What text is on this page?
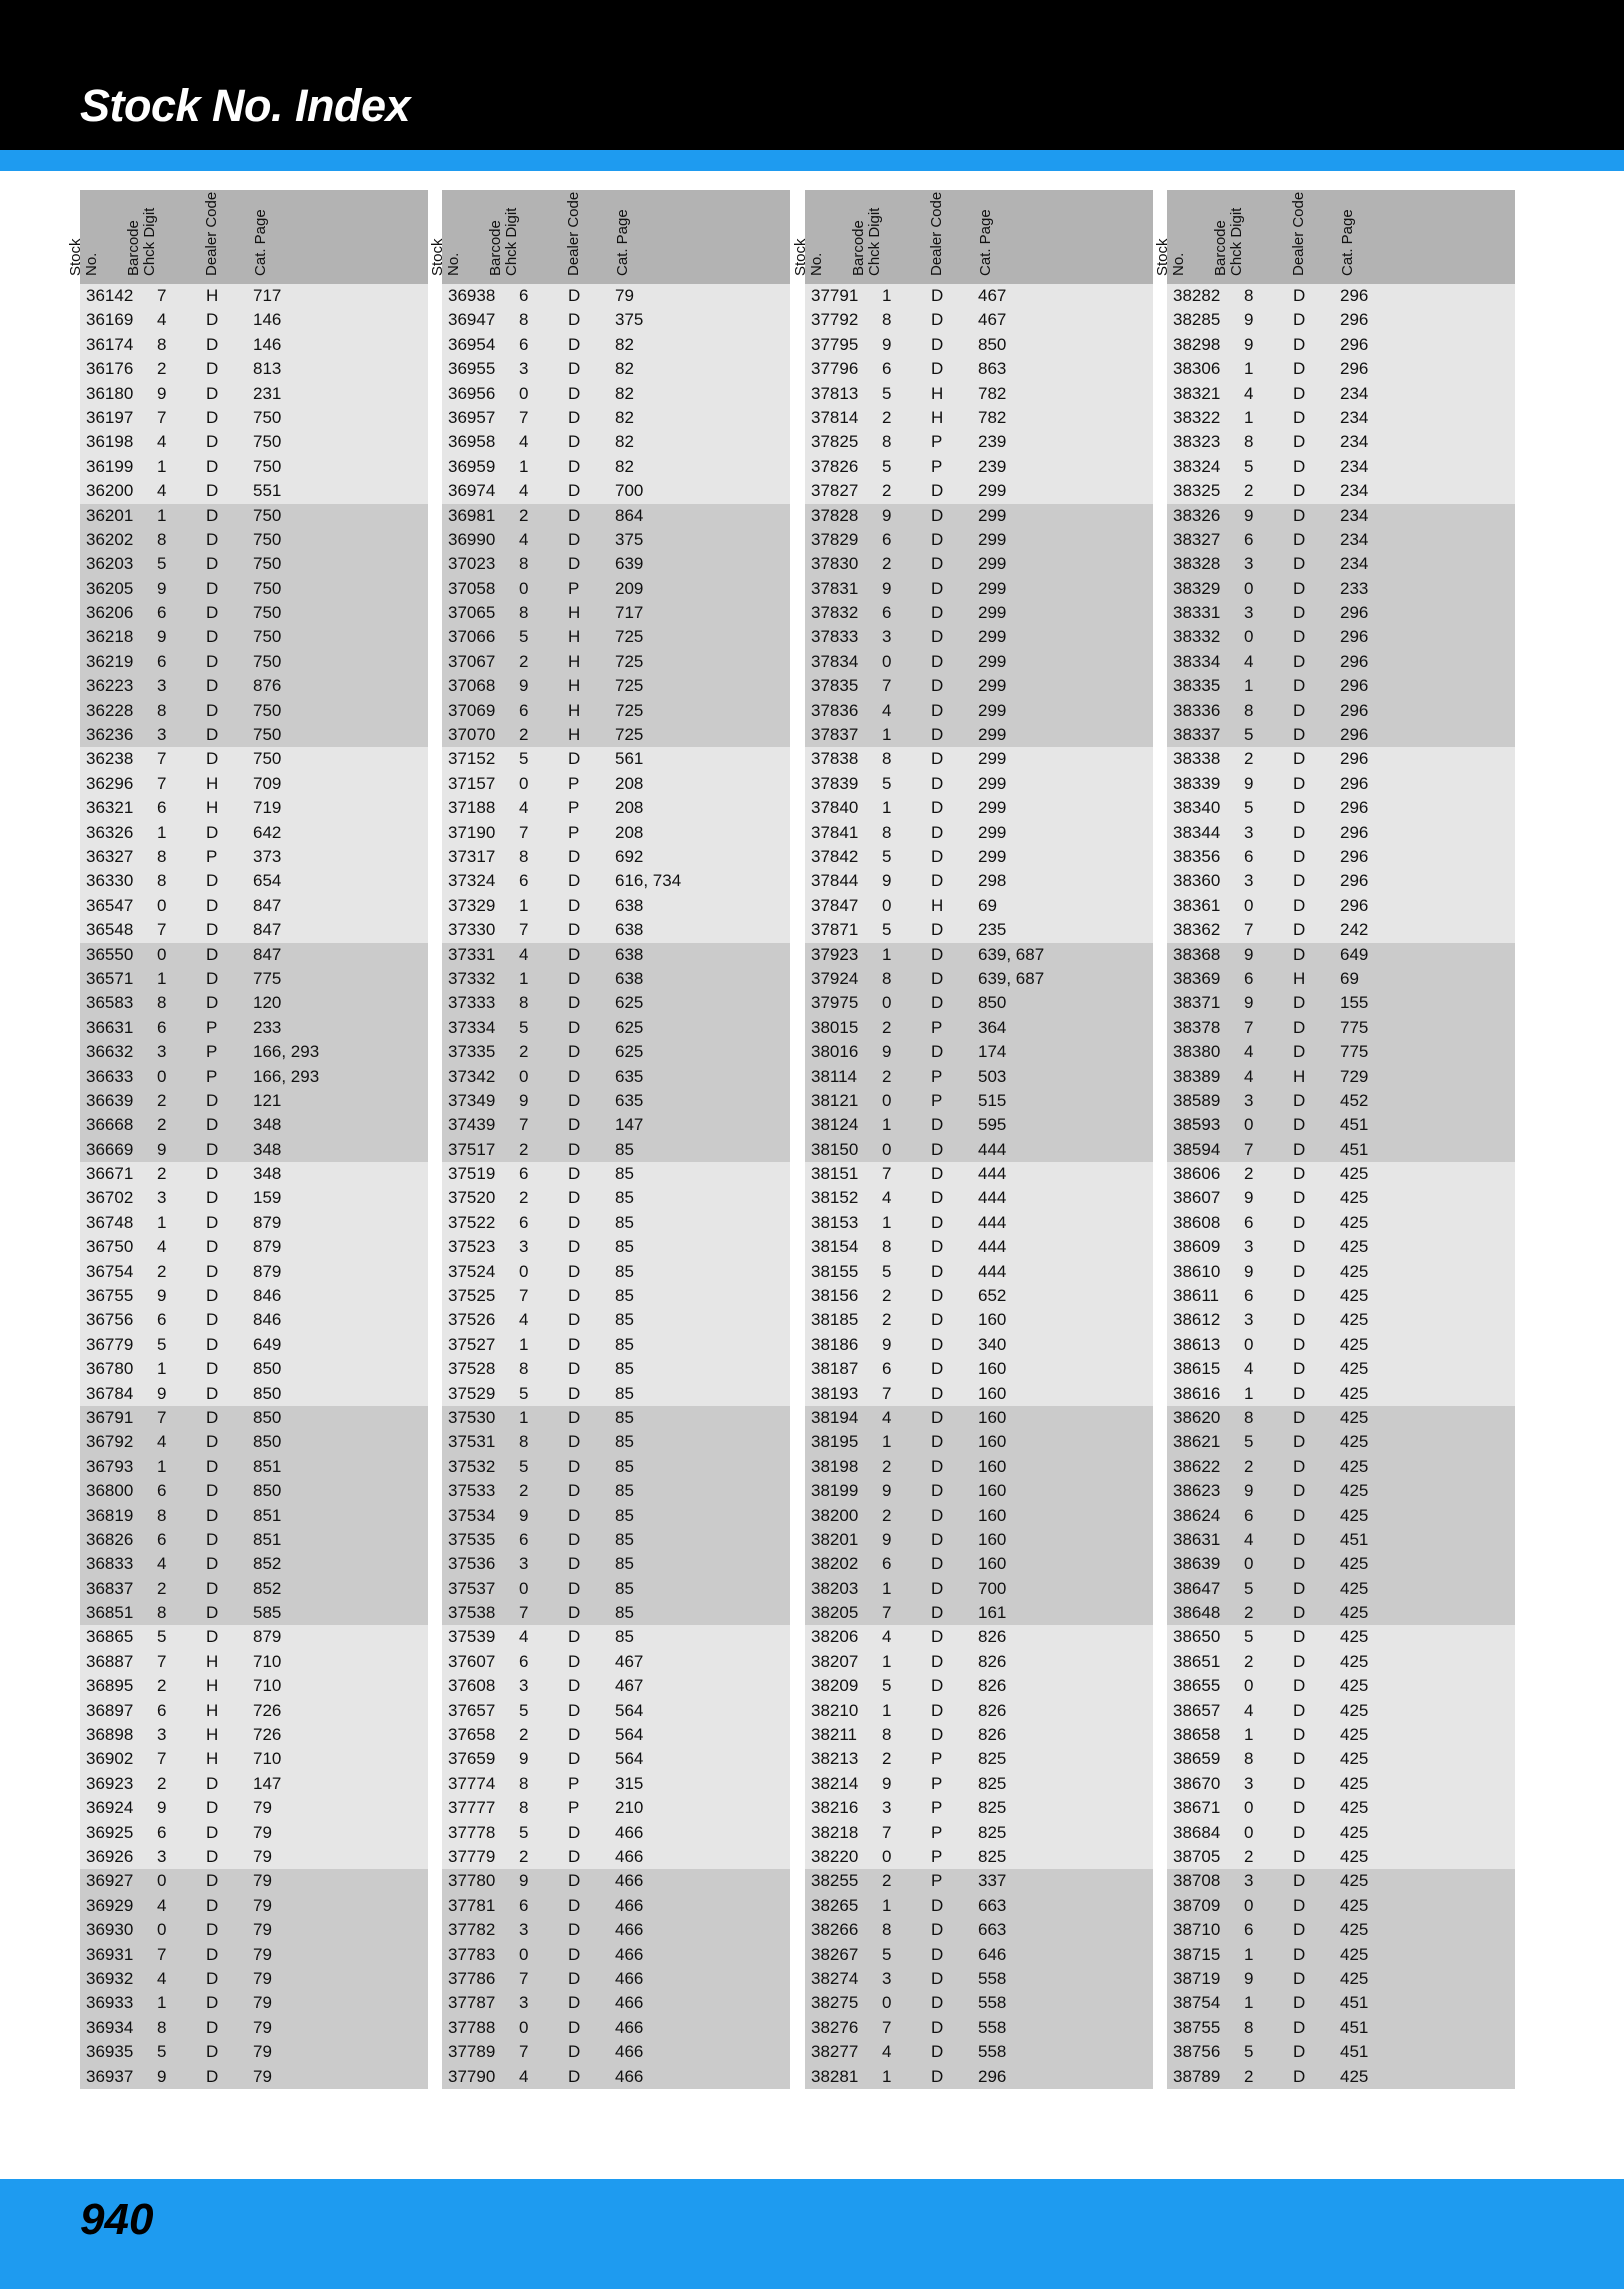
Stock No. Index
Stock No. Barcode Chck Digit	Dealer Code Cat. Page
36142 7 H 717
36169 4 D 146
36174 8 D 146
36176 2 D 813
36180 9 D 231
36197 7 D 750
36198 4 D 750
36199 1 D 750
36200 4 D 551
36201 1 D 750
36202 8 D 750
36203 5 D 750
36205 9 D 750
36206 6 D 750
36218 9 D 750
36219 6 D 750
36223 3 D 876
36228 8 D 750
36236 3 D 750
36238 7 D 750
36296 7 H 709
36321 6 H 719
36326 1 D 642
36327 8 P 373
36330 8 D 654
36547 0 D 847
36548 7 D 847
36550 0 D 847
36571 1 D 775
36583 8 D 120
36631 6 P 233
36632 3 P 166, 293
36633 0 P 166, 293
36639 2 D 121
36668 2 D 348
36669 9 D 348
36671 2 D 348
36702 3 D 159
36748 1 D 879
36750 4 D 879
36754 2 D 879
36755 9 D 846
36756 6 D 846
36779 5 D 649
36780 1 D 850
36784 9 D 850
36791 7 D 850
36792 4 D 850
36793 1 D 851
36800 6 D 850
36819 8 D 851
36826 6 D 851
36833 4 D 852
36837 2 D 852
36851 8 D 585
36865 5 D 879
36887 7 H 710
36895 2 H 710
36897 6 H 726
36898 3 H 726
36902 7 H 710
36923 2 D 147
36924 9 D 79
36925 6 D 79
36926 3 D 79
36927 0 D 79
36929 4 D 79
36930 0 D 79
36931 7 D 79
36932 4 D 79
36933 1 D 79
36934 8 D 79
36935 5 D 79
36937 9 D 79
Stock No. Barcode Chck Digit	Dealer Code Cat. Page
36938 6 D 79
36947 8 D 375
36954 6 D 82
36955 3 D 82
36956 0 D 82
36957 7 D 82
36958 4 D 82
36959 1 D 82
36974 4 D 700
36981 2 D 864
36990 4 D 375
37023 8 D 639
37058 0 P 209
37065 8 H 717
37066 5 H 725
37067 2 H 725
37068 9 H 725
37069 6 H 725
37070 2 H 725
37152 5 D 561
37157 0 P 208
37188 4 P 208
37190 7 P 208
37317 8 D 692
37324 6 D 616, 734
37329 1 D 638
37330 7 D 638
37331 4 D 638
37332 1 D 638
37333 8 D 625
37334 5 D 625
37335 2 D 625
37342 0 D 635
37349 9 D 635
37439 7 D 147
37517 2 D 85
37519 6 D 85
37520 2 D 85
37522 6 D 85
37523 3 D 85
37524 0 D 85
37525 7 D 85
37526 4 D 85
37527 1 D 85
37528 8 D 85
37529 5 D 85
37530 1 D 85
37531 8 D 85
37532 5 D 85
37533 2 D 85
37534 9 D 85
37535 6 D 85
37536 3 D 85
37537 0 D 85
37538 7 D 85
37539 4 D 85
37607 6 D 467
37608 3 D 467
37657 5 D 564
37658 2 D 564
37659 9 D 564
37774 8 P 315
37777 8 P 210
37778 5 D 466
37779 2 D 466
37780 9 D 466
37781 6 D 466
37782 3 D 466
37783 0 D 466
37786 7 D 466
37787 3 D 466
37788 0 D 466
37789 7 D 466
37790 4 D 466
Stock No. Barcode Chck Digit	Dealer Code Cat. Page
37791 1 D 467
37792 8 D 467
37795 9 D 850
37796 6 D 863
37813 5 H 782
37814 2 H 782
37825 8 P 239
37826 5 P 239
37827 2 D 299
37828 9 D 299
37829 6 D 299
37830 2 D 299
37831 9 D 299
37832 6 D 299
37833 3 D 299
37834 0 D 299
37835 7 D 299
37836 4 D 299
37837 1 D 299
37838 8 D 299
37839 5 D 299
37840 1 D 299
37841 8 D 299
37842 5 D 299
37844 9 D 298
37847 0 H 69
37871 5 D 235
37923 1 D 639, 687
37924 8 D 639, 687
37975 0 D 850
38015 2 P 364
38016 9 D 174
38114 2 P 503
38121 0 P 515
38124 1 D 595
38150 0 D 444
38151 7 D 444
38152 4 D 444
38153 1 D 444
38154 8 D 444
38155 5 D 444
38156 2 D 652
38185 2 D 160
38186 9 D 340
38187 6 D 160
38193 7 D 160
38194 4 D 160
38195 1 D 160
38198 2 D 160
38199 9 D 160
38200 2 D 160
38201 9 D 160
38202 6 D 160
38203 1 D 700
38205 7 D 161
38206 4 D 826
38207 1 D 826
38209 5 D 826
38210 1 D 826
38211 8 D 826
38213 2 P 825
38214 9 P 825
38216 3 P 825
38218 7 P 825
38220 0 P 825
38255 2 P 337
38265 1 D 663
38266 8 D 663
38267 5 D 646
38274 3 D 558
38275 0 D 558
38276 7 D 558
38277 4 D 558
38281 1 D 296
Stock No. Barcode Chck Digit	Dealer Code Cat. Page
38282 8 D 296
38285 9 D 296
38298 9 D 296
38306 1 D 296
38321 4 D 234
38322 1 D 234
38323 8 D 234
38324 5 D 234
38325 2 D 234
38326 9 D 234
38327 6 D 234
38328 3 D 234
38329 0 D 233
38331 3 D 296
38332 0 D 296
38334 4 D 296
38335 1 D 296
38336 8 D 296
38337 5 D 296
38338 2 D 296
38339 9 D 296
38340 5 D 296
38344 3 D 296
38356 6 D 296
38360 3 D 296
38361 0 D 296
38362 7 D 242
38368 9 D 649
38369 6 H 69
38371 9 D 155
38378 7 D 775
38380 4 D 775
38389 4 H 729
38589 3 D 452
38593 0 D 451
38594 7 D 451
38606 2 D 425
38607 9 D 425
38608 6 D 425
38609 3 D 425
38610 9 D 425
38611 6 D 425
38612 3 D 425
38613 0 D 425
38615 4 D 425
38616 1 D 425
38620 8 D 425
38621 5 D 425
38622 2 D 425
38623 9 D 425
38624 6 D 425
38631 4 D 451
38639 0 D 425
38647 5 D 425
38648 2 D 425
38650 5 D 425
38651 2 D 425
38655 0 D 425
38657 4 D 425
38658 1 D 425
38659 8 D 425
38670 3 D 425
38671 0 D 425
38684 0 D 425
38705 2 D 425
38708 3 D 425
38709 0 D 425
38710 6 D 425
38715 1 D 425
38719 9 D 425
38754 1 D 451
38755 8 D 451
38756 5 D 451
38789 2 D 425
940
